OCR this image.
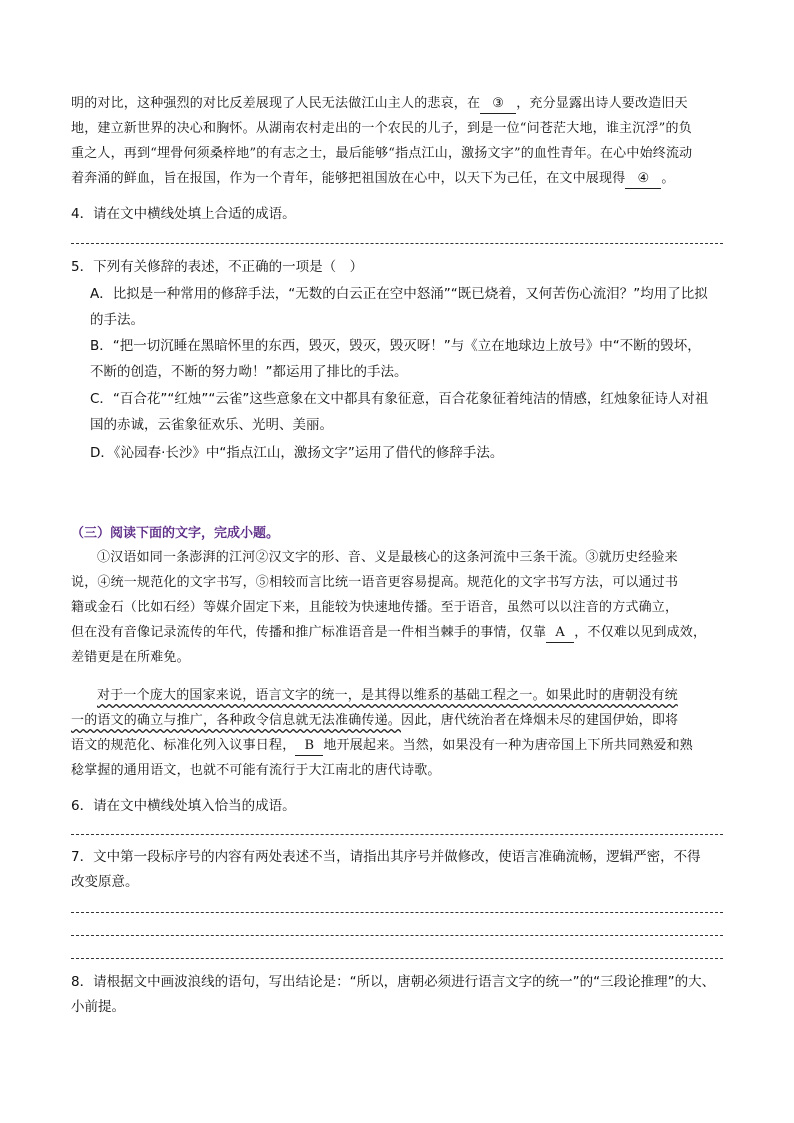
明的对比，这种强烈的对比反差展现了人民无法做江山主人的悲哀，在 ③ ，充分显露出诗人要改造旧天
地，建立新世界的决心和胸怀。从湖南农村走出的一个农民的儿子，到是一位“问苍茫大地，谁主沉浮”的负
重之人，再到“埋骨何须桑梓地”的有志之士，最后能够“指点江山，激扬文字”的血性青年。在心中始终流动
着奔涌的鲜血，旨在报国，作为一个青年，能够把祖国放在心中，以天下为己任，在文中展现得 ④ 。
4．请在文中横线处填上合适的成语。
5．下列有关修辞的表述，不正确的一项是（　）
A．比拟是一种常用的修辞手法，“无数的白云正在空中怒涌”“既已烧着，又何苦伤心流泪？”均用了比拟
的手法。
B．“把一切沉睡在黑暗怀里的东西，毁灭，毁灭，毁灭呀！”与《立在地球边上放号》中“不断的毁坏，
不断的创造，不断的努力呦！”都运用了排比的手法。
C．“百合花”“红烛”“云雀”这些意象在文中都具有象征意，百合花象征着纯洁的情感，红烛象征诗人对祖
国的赤诚，云雀象征欢乐、光明、美丽。
D．《沁园春·长沙》中“指点江山，激扬文字”运用了借代的修辞手法。
（三）阅读下面的文字，完成小题。
①汉语如同一条澎湃的江河②汉文字的形、音、义是最核心的这条河流中三条干流。③就历史经验来
说，④统一规范化的文字书写，⑤相较而言比统一语音更容易提高。规范化的文字书写方法，可以通过书
籍或金石（比如石经）等媒介固定下来，且能较为快速地传播。至于语音，虽然可以以注音的方式确立，
但在没有音像记录流传的年代，传播和推广标准语音是一件相当棘手的事情，仅靠 A ，不仅难以见到成效，
差错更是在所难免。
对于一个庞大的国家来说，语言文字的统一，是其得以维系的基础工程之一。如果此时的唐朝没有统
一的语文的确立与推广，各种政令信息就无法准确传递。因此，唐代统治者在烽烟未尽的建国伊始，即将
语文的规范化、标准化列入议事日程， B 地开展起来。当然，如果没有一种为唐帝国上下所共同熟爱和熟
稔掌握的通用语文，也就不可能有流行于大江南北的唐代诗歌。
6．请在文中横线处填入恰当的成语。
7．文中第一段标序号的内容有两处表述不当，请指出其序号并做修改，使语言准确流畅，逻辑严密，不得
改变原意。
8．请根据文中画波浪线的语句，写出结论是：“所以，唐朝必须进行语言文字的统一”的“三段论推理”的大、
小前提。
